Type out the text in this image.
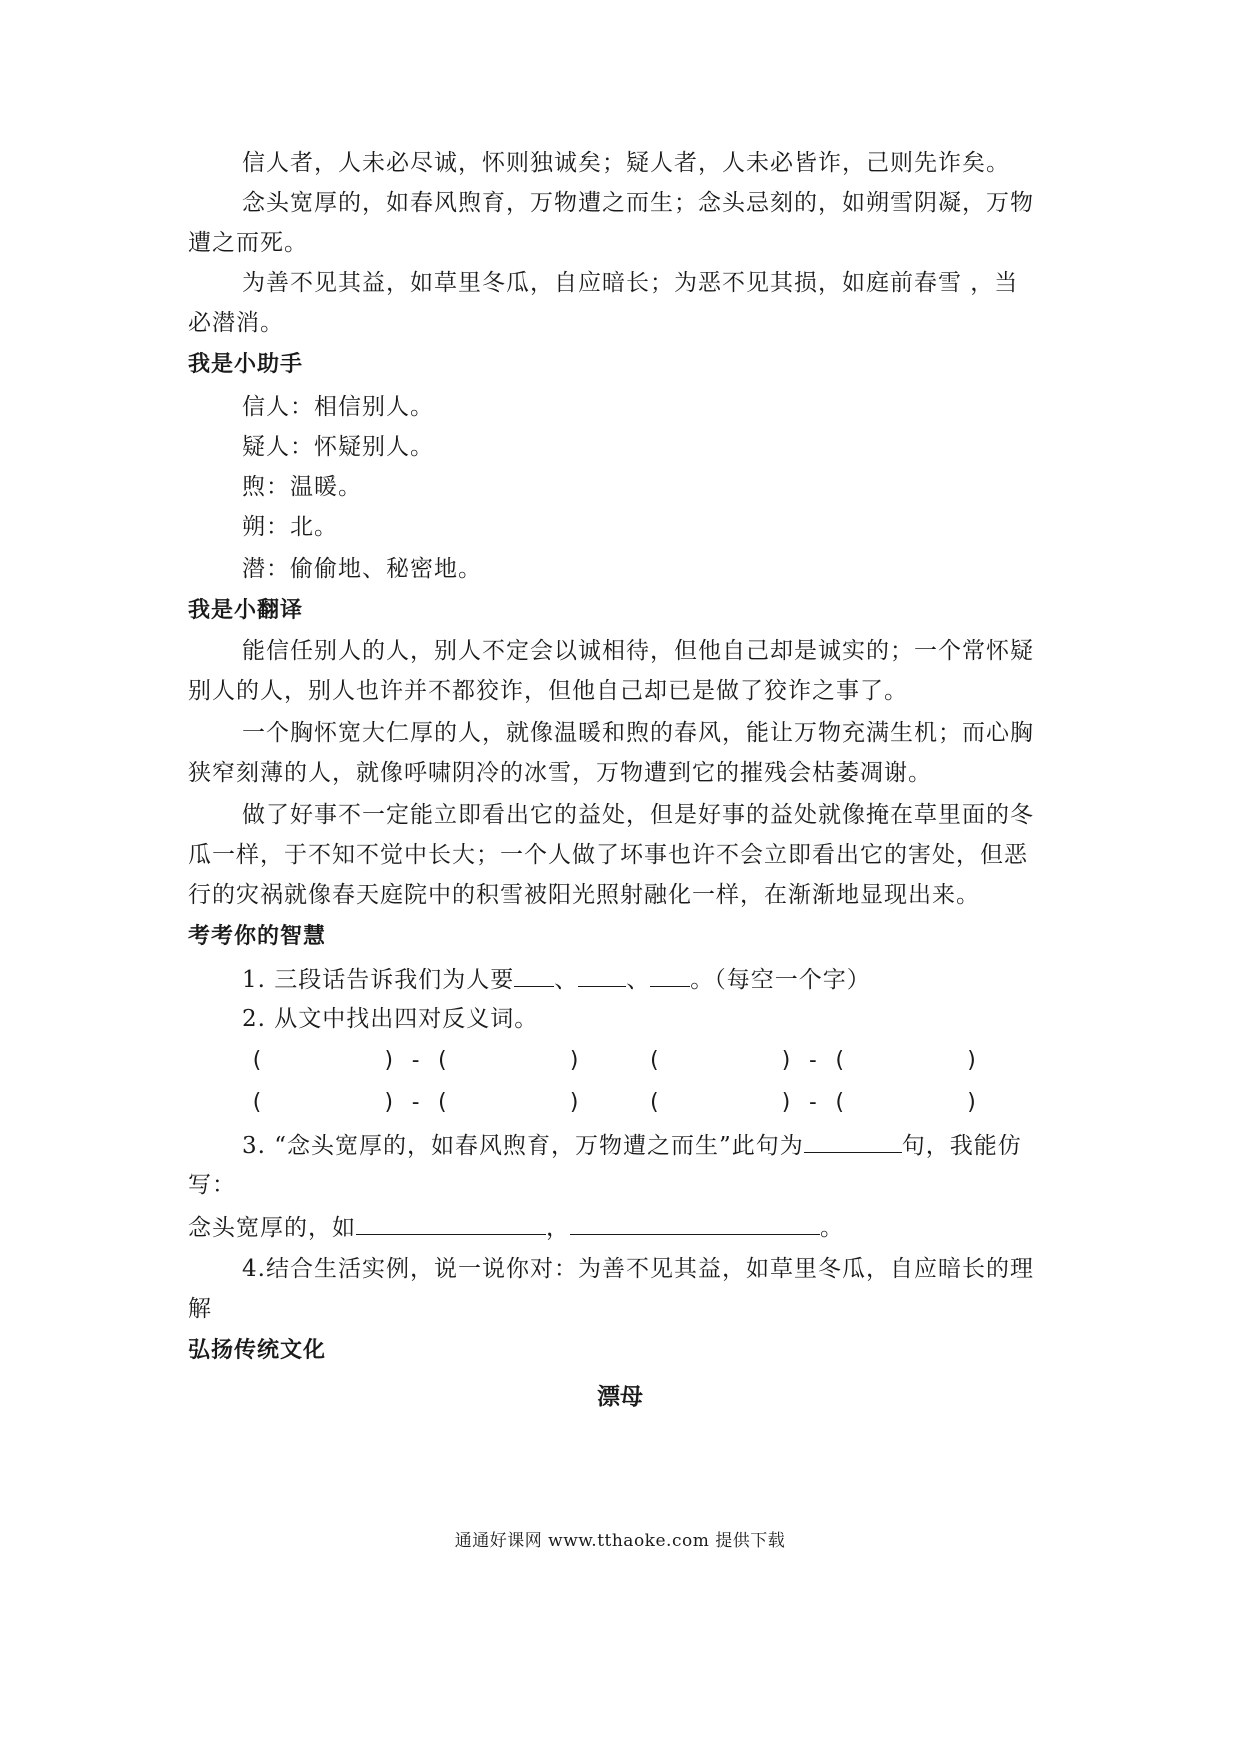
信人者，人未必尽诚，怀则独诚矣；疑人者，人未必皆诈，己则先诈矣。
念头宽厚的，如春风煦育，万物遭之而生；念头忌刻的，如朔雪阴凝，万物
遭之而死。
为善不见其益，如草里冬瓜，自应暗长；为恶不见其损，如庭前春雪 ，当
必潜消。
我是小助手
信人：相信别人。
疑人：怀疑别人。
煦：温暖。
朔：北。
潜：偷偷地、秘密地。
我是小翻译
能信任别人的人，别人不定会以诚相待，但他自己却是诚实的；一个常怀疑
别人的人，别人也许并不都狡诈，但他自己却已是做了狡诈之事了。
一个胸怀宽大仁厚的人，就像温暖和煦的春风，能让万物充满生机；而心胸
狭窄刻薄的人，就像呼啸阴冷的冰雪，万物遭到它的摧残会枯萎凋谢。
做了好事不一定能立即看出它的益处，但是好事的益处就像掩在草里面的冬
瓜一样，于不知不觉中长大；一个人做了坏事也许不会立即看出它的害处，但恶
行的灾祸就像春天庭院中的积雪被阳光照射融化一样，在渐渐地显现出来。
考考你的智慧
1. 三段话告诉我们为人要 、 、 。（每空一个字）
2. 从文中找出四对反义词。
(         ) - (         )     (         ) - (         )
(         ) - (         )     (         ) - (         )
3. “念头宽厚的，如春风煦育，万物遭之而生”此句为	句，我能仿
写：
念头宽厚的，如	，	。
4.结合生活实例，说一说你对：为善不见其益，如草里冬瓜，自应暗长的理
解
弘扬传统文化
漂母
通通好课网 www.tthaoke.com 提供下载
